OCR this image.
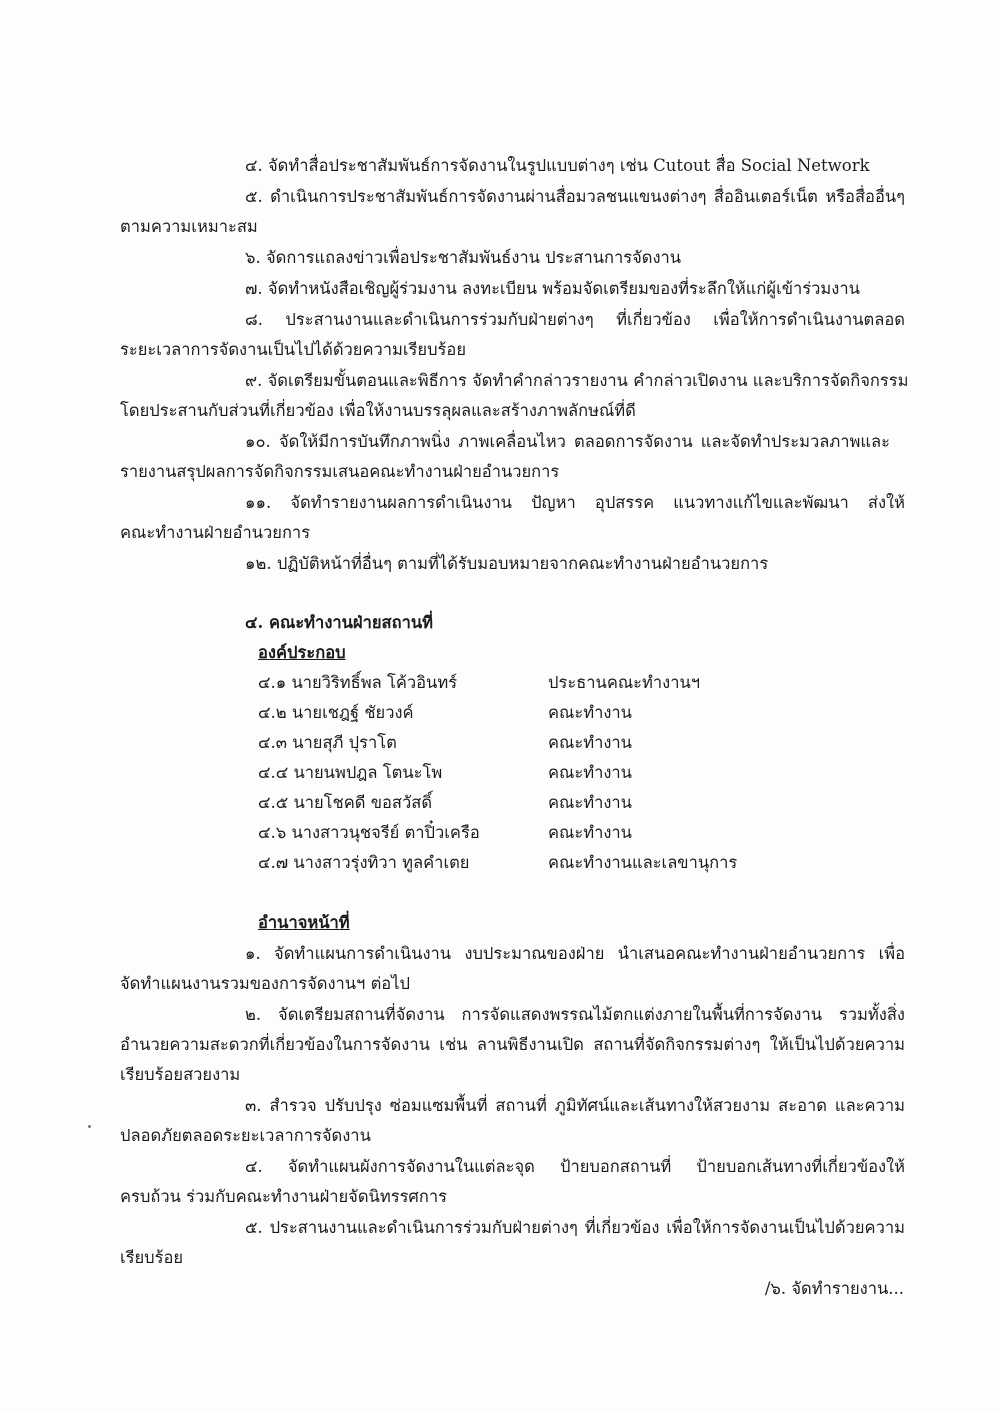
๔. จัดทำสื่อประชาสัมพันธ์การจัดงานในรูปแบบต่างๆ เช่น Cutout สื่อ Social Network
๕. ดำเนินการประชาสัมพันธ์การจัดงานผ่านสื่อมวลชนแขนงต่างๆ สื่ออินเตอร์เน็ต หรือสื่ออื่นๆ
ตามความเหมาะสม
๖. จัดการแถลงข่าวเพื่อประชาสัมพันธ์งาน ประสานการจัดงาน
๗. จัดทำหนังสือเชิญผู้ร่วมงาน ลงทะเบียน พร้อมจัดเตรียมของที่ระลึกให้แก่ผู้เข้าร่วมงาน
๘. ประสานงานและดำเนินการร่วมกับฝ่ายต่างๆ ที่เกี่ยวข้อง เพื่อให้การดำเนินงานตลอด
ระยะเวลาการจัดงานเป็นไปได้ด้วยความเรียบร้อย
๙. จัดเตรียมขั้นตอนและพิธีการ จัดทำคำกล่าวรายงาน คำกล่าวเปิดงาน และบริการจัดกิจกรรม
โดยประสานกับส่วนที่เกี่ยวข้อง เพื่อให้งานบรรลุผลและสร้างภาพลักษณ์ที่ดี
๑๐. จัดให้มีการบันทึกภาพนิ่ง ภาพเคลื่อนไหว ตลอดการจัดงาน และจัดทำประมวลภาพและ
รายงานสรุปผลการจัดกิจกรรมเสนอคณะทำงานฝ่ายอำนวยการ
๑๑. จัดทำรายงานผลการดำเนินงาน ปัญหา อุปสรรค แนวทางแก้ไขและพัฒนา ส่งให้
คณะทำงานฝ่ายอำนวยการ
๑๒. ปฏิบัติหน้าที่อื่นๆ ตามที่ได้รับมอบหมายจากคณะทำงานฝ่ายอำนวยการ
๔. คณะทำงานฝ่ายสถานที่
องค์ประกอบ
๔.๑ นายวิริทธิ์พล โค้วอินทร์	ประธานคณะทำงานฯ
๔.๒ นายเชฎฐ์ ชัยวงค์	คณะทำงาน
๔.๓ นายสุภี ปุราโต	คณะทำงาน
๔.๔ นายนพปฎล โตนะโพ	คณะทำงาน
๔.๕ นายโชคดี ขอสวัสดิ์	คณะทำงาน
๔.๖ นางสาวนุชจรีย์ ตาปิ๋วเครือ	คณะทำงาน
๔.๗ นางสาวรุ่งทิวา ทูลคำเตย	คณะทำงานและเลขานุการ
อำนาจหน้าที่
๑. จัดทำแผนการดำเนินงาน งบประมาณของฝ่าย นำเสนอคณะทำงานฝ่ายอำนวยการ เพื่อ
จัดทำแผนงานรวมของการจัดงานฯ ต่อไป
๒. จัดเตรียมสถานที่จัดงาน การจัดแสดงพรรณไม้ตกแต่งภายในพื้นที่การจัดงาน รวมทั้งสิ่ง
อำนวยความสะดวกที่เกี่ยวข้องในการจัดงาน เช่น ลานพิธีงานเปิด สถานที่จัดกิจกรรมต่างๆ ให้เป็นไปด้วยความ
เรียบร้อยสวยงาม
๓. สำรวจ ปรับปรุง ซ่อมแซมพื้นที่ สถานที่ ภูมิทัศน์และเส้นทางให้สวยงาม สะอาด และความ
ปลอดภัยตลอดระยะเวลาการจัดงาน
๔. จัดทำแผนผังการจัดงานในแต่ละจุด ป้ายบอกสถานที่ ป้ายบอกเส้นทางที่เกี่ยวข้องให้
ครบถ้วน ร่วมกับคณะทำงานฝ่ายจัดนิทรรศการ
๕. ประสานงานและดำเนินการร่วมกับฝ่ายต่างๆ ที่เกี่ยวข้อง เพื่อให้การจัดงานเป็นไปด้วยความ
เรียบร้อย
/๖. จัดทำรายงาน...
